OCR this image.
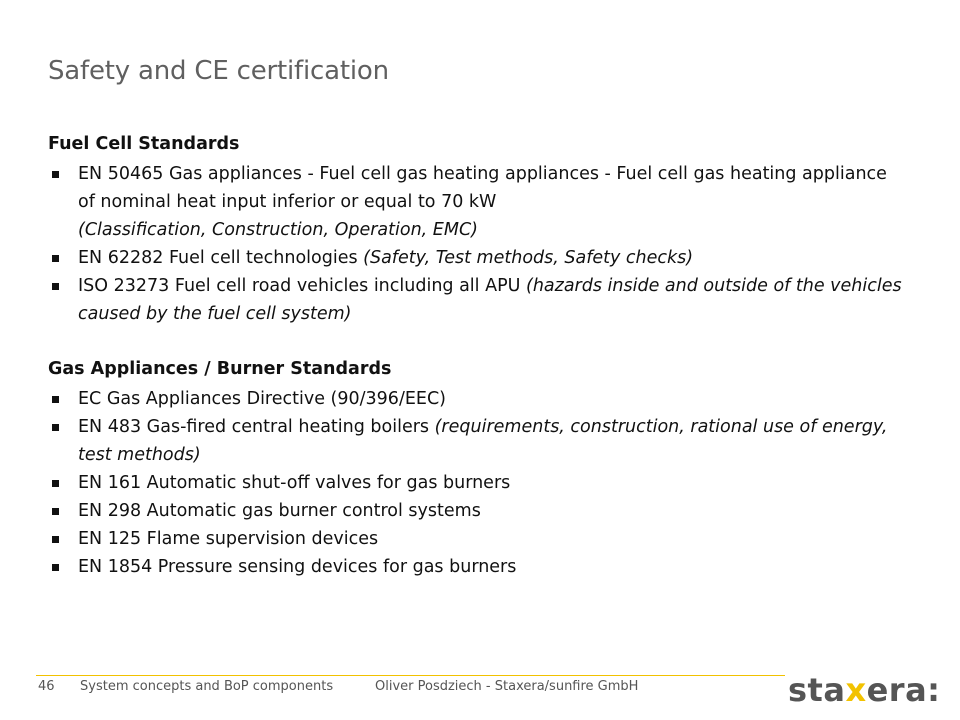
Safety and CE certification

Fuel Cell Standards

EN 50465 Gas appliances - Fuel cell gas heating appliances - Fuel cell gas heating appliance of nominal heat input inferior or equal to 70 kW
(Classification, Construction, Operation, EMC)
EN 62282 Fuel cell technologies (Safety, Test methods, Safety checks)
ISO 23273 Fuel cell road vehicles including all APU (hazards inside and outside of the vehicles caused by the fuel cell system)

Gas Appliances / Burner Standards

EC Gas Appliances Directive (90/396/EEC)
EN 483 Gas-fired central heating boilers (requirements, construction, rational use of energy, test methods)
EN 161 Automatic shut-off valves for gas burners
EN 298 Automatic gas burner control systems
EN 125 Flame supervision devices
EN 1854 Pressure sensing devices for gas burners
46 System concepts and BoP components	Oliver Posdziech - Staxera/sunfire GmbH	staxera:
